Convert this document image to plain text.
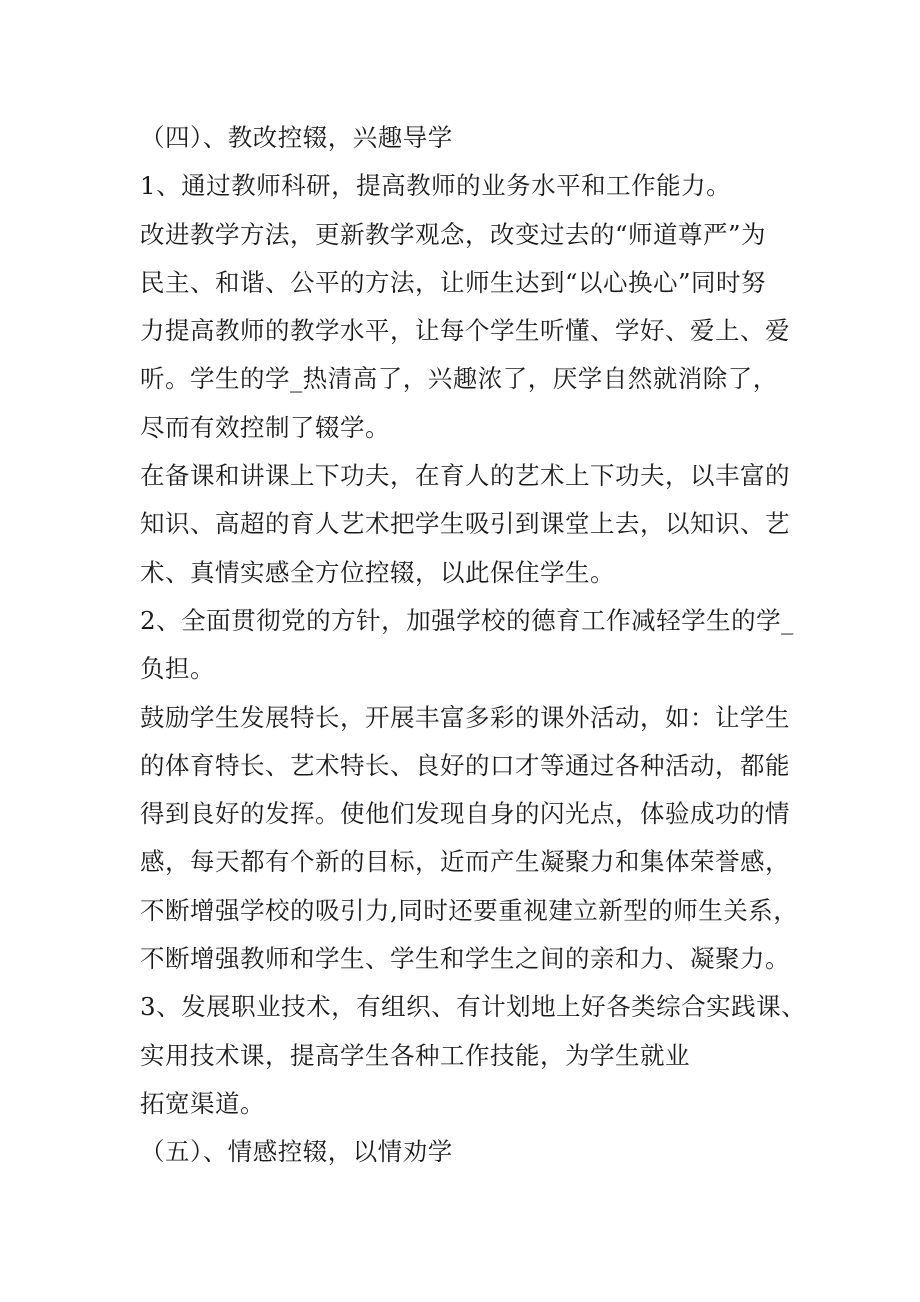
（四）、教改控辍，兴趣导学
1、通过教师科研，提高教师的业务水平和工作能力。
改进教学方法，更新教学观念，改变过去的“师道尊严”为
民主、和谐、公平的方法，让师生达到“以心换心”同时努
力提高教师的教学水平，让每个学生听懂、学好、爱上、爱
听。学生的学_热清高了，兴趣浓了，厌学自然就消除了，
尽而有效控制了辍学。
在备课和讲课上下功夫，在育人的艺术上下功夫，以丰富的
知识、高超的育人艺术把学生吸引到课堂上去，以知识、艺
术、真情实感全方位控辍，以此保住学生。
2、全面贯彻党的方针，加强学校的德育工作减轻学生的学_
负担。
鼓励学生发展特长，开展丰富多彩的课外活动，如：让学生
的体育特长、艺术特长、良好的口才等通过各种活动，都能
得到良好的发挥。使他们发现自身的闪光点，体验成功的情
感，每天都有个新的目标，近而产生凝聚力和集体荣誉感，
不断增强学校的吸引力,同时还要重视建立新型的师生关系，
不断增强教师和学生、学生和学生之间的亲和力、凝聚力。
3、发展职业技术，有组织、有计划地上好各类综合实践课、
实用技术课，提高学生各种工作技能，为学生就业
拓宽渠道。
（五）、情感控辍，以情劝学
